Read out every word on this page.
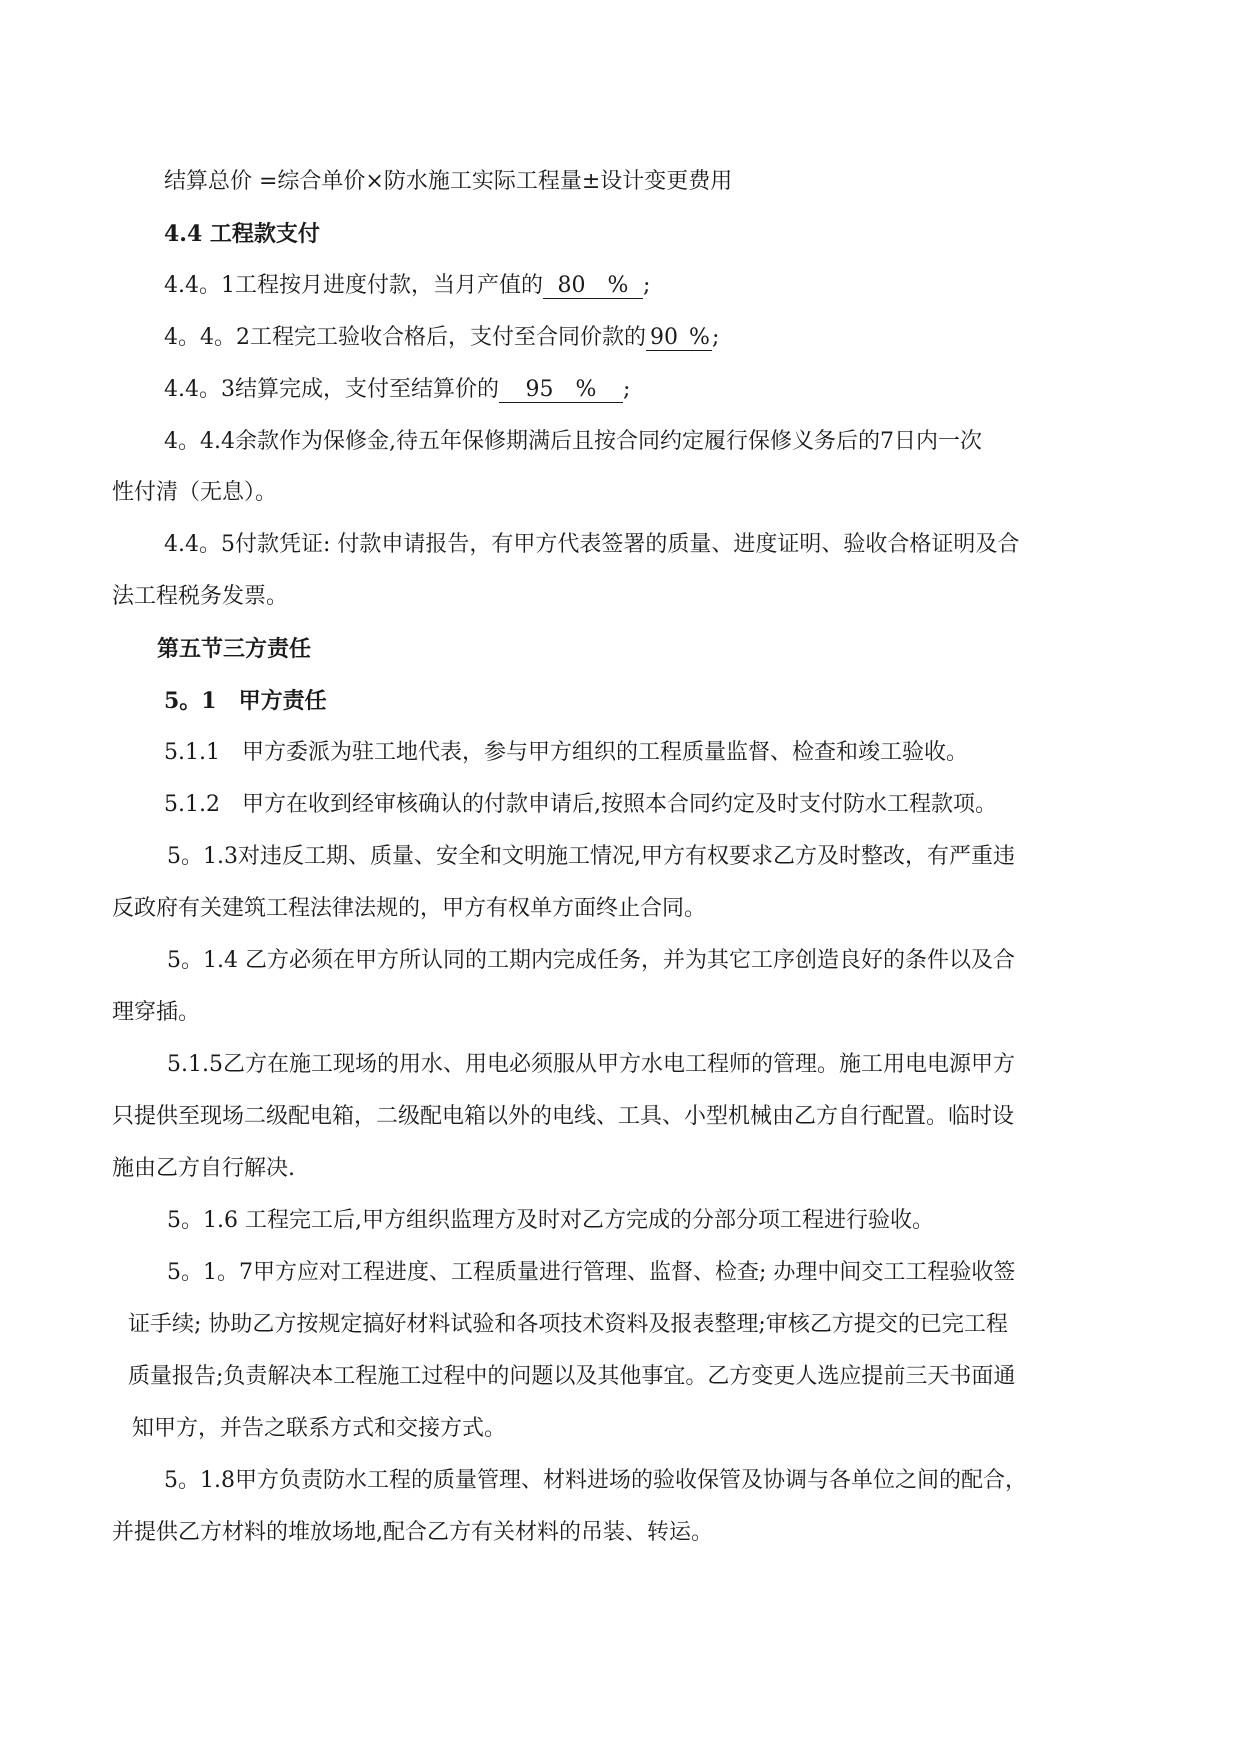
结算总价 =综合单价×防水施工实际工程量±设计变更费用

4.4 工程款支付

4.4。1工程按月进度付款，当月产值的 80  % ;

4。4。2工程完工验收合格后，支付至合同价款的 90  %;

4.4。3结算完成，支付至结算价的 95  % ;

4。4.4余款作为保修金,待五年保修期满后且按合同约定履行保修义务后的7日内一次

性付清（无息）。

4.4。5付款凭证: 付款申请报告，有甲方代表签署的质量、进度证明、验收合格证明及合

法工程税务发票。

第五节三方责任

5。1　甲方责任

5.1.1　甲方委派为驻工地代表，参与甲方组织的工程质量监督、检查和竣工验收。

5.1.2　甲方在收到经审核确认的付款申请后,按照本合同约定及时支付防水工程款项。

5。1.3对违反工期、质量、安全和文明施工情况,甲方有权要求乙方及时整改，有严重违

反政府有关建筑工程法律法规的，甲方有权单方面终止合同。

5。1.4 乙方必须在甲方所认同的工期内完成任务，并为其它工序创造良好的条件以及合

理穿插。

5.1.5乙方在施工现场的用水、用电必须服从甲方水电工程师的管理。施工用电电源甲方

只提供至现场二级配电箱，二级配电箱以外的电线、工具、小型机械由乙方自行配置。临时设

施由乙方自行解决.

5。1.6 工程完工后,甲方组织监理方及时对乙方完成的分部分项工程进行验收。

5。1。7甲方应对工程进度、工程质量进行管理、监督、检查; 办理中间交工工程验收签

证手续; 协助乙方按规定搞好材料试验和各项技术资料及报表整理;审核乙方提交的已完工程

质量报告;负责解决本工程施工过程中的问题以及其他事宜。乙方变更人选应提前三天书面通

知甲方，并告之联系方式和交接方式。

5。1.8甲方负责防水工程的质量管理、材料进场的验收保管及协调与各单位之间的配合，

并提供乙方材料的堆放场地,配合乙方有关材料的吊装、转运。
